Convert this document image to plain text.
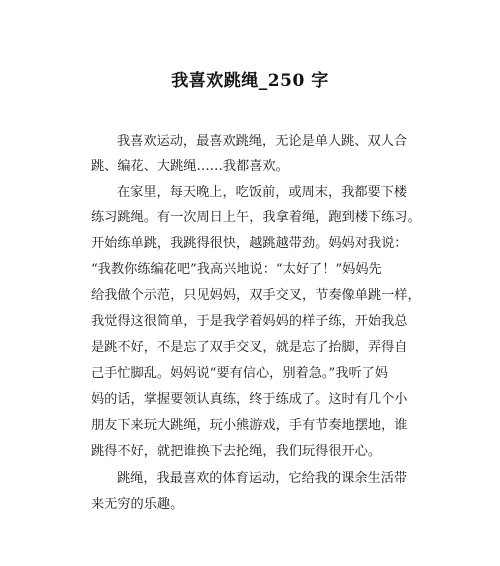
我喜欢跳绳_250 字
我喜欢运动，最喜欢跳绳，无论是单人跳、双人合
跳、编花、大跳绳……我都喜欢。
在家里，每天晚上，吃饭前，或周末，我都要下楼
练习跳绳。有一次周日上午，我拿着绳，跑到楼下练习。
开始练单跳，我跳得很快，越跳越带劲。妈妈对我说：
“我教你练编花吧”我高兴地说：“太好了！”妈妈先
给我做个示范，只见妈妈，双手交叉，节奏像单跳一样，
我觉得这很简单，于是我学着妈妈的样子练，开始我总
是跳不好，不是忘了双手交叉，就是忘了抬脚，弄得自
己手忙脚乱。妈妈说“要有信心，别着急。”我听了妈
妈的话，掌握要领认真练，终于练成了。这时有几个小
朋友下来玩大跳绳，玩小熊游戏，手有节奏地摆地，谁
跳得不好，就把谁换下去抡绳，我们玩得很开心。
跳绳，我最喜欢的体育运动，它给我的课余生活带
来无穷的乐趣。
